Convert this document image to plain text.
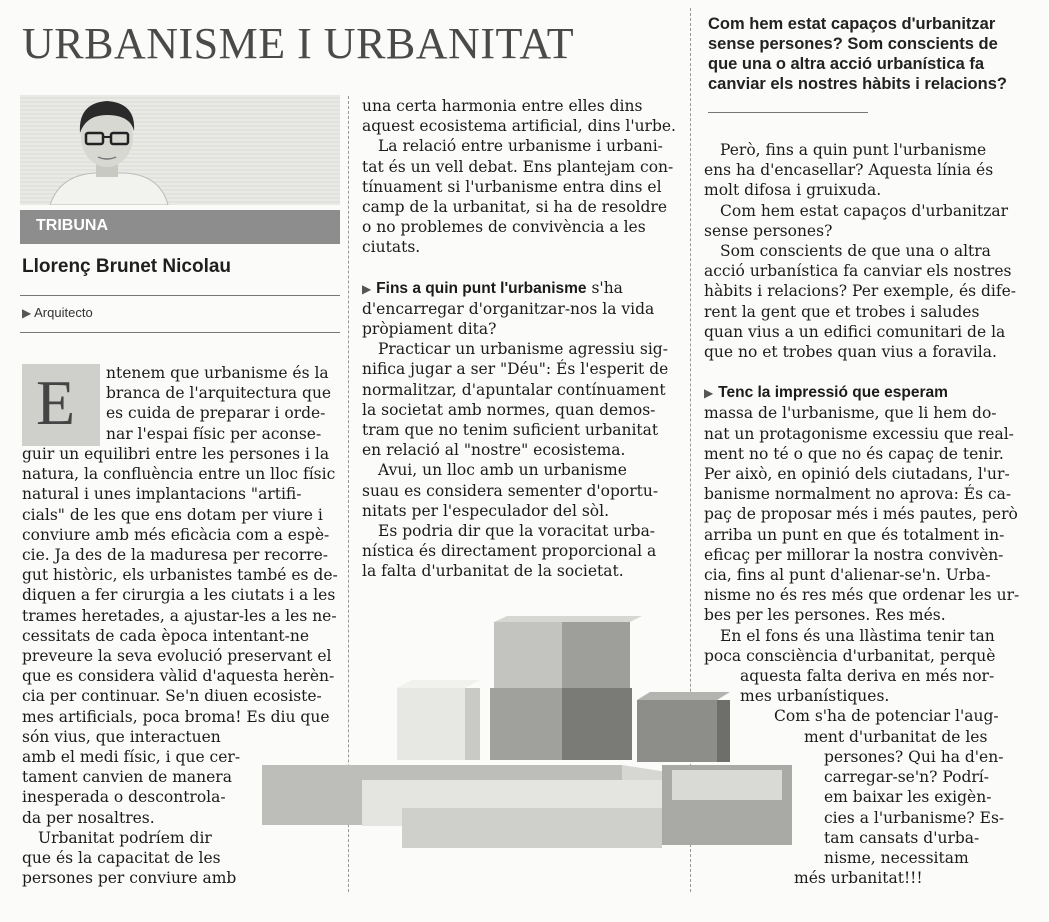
URBANISME I URBANITAT
TRIBUNA
Llorenç Brunet Nicolau
▶ Arquitecto
E ntenem que urbanisme és la
branca de l'arquitectura que
es cuida de preparar i orde-
nar l'espai físic per aconse-
guir un equilibri entre les persones i la
natura, la confluència entre un lloc físic
natural i unes implantacions "artifi-
cials" de les que ens dotam per viure i
conviure amb més eficàcia com a espè-
cie. Ja des de la maduresa per recorre-
gut històric, els urbanistes també es de-
diquen a fer cirurgia a les ciutats i a les
trames heretades, a ajustar-les a les ne-
cessitats de cada època intentant-ne
preveure la seva evolució preservant el
que es considera vàlid d'aquesta herèn-
cia per continuar. Se'n diuen ecosiste-
mes artificials, poca broma! Es diu que
són vius, que interactuen
amb el medi físic, i que cer-
tament canvien de manera
inesperada o descontrola-
da per nosaltres.
Urbanitat podríem dir
que és la capacitat de les
persones per conviure amb
una certa harmonia entre elles dins
aquest ecosistema artificial, dins l'urbe.
La relació entre urbanisme i urbani-
tat és un vell debat. Ens plantejam con-
tínuament si l'urbanisme entra dins el
camp de la urbanitat, si ha de resoldre
o no problemes de convivència a les
ciutats.
▶ Fins a quin punt l'urbanisme s'ha
d'encarregar d'organitzar-nos la vida
pròpiament dita?
Practicar un urbanisme agressiu sig-
nifica jugar a ser "Déu": És l'esperit de
normalitzar, d'apuntalar contínuament
la societat amb normes, quan demos-
tram que no tenim suficient urbanitat
en relació al "nostre" ecosistema.
Avui, un lloc amb un urbanisme
suau es considera sementer d'oportu-
nitats per l'especulador del sòl.
Es podria dir que la voracitat urba-
nística és directament proporcional a
la falta d'urbanitat de la societat.
Com hem estat capaços d'urbanitzar
sense persones? Som conscients de
que una o altra acció urbanística fa
canviar els nostres hàbits i relacions?
Però, fins a quin punt l'urbanisme
ens ha d'encasellar? Aquesta línia és
molt difosa i gruixuda.
Com hem estat capaços d'urbanitzar
sense persones?
Som conscients de que una o altra
acció urbanística fa canviar els nostres
hàbits i relacions? Per exemple, és dife-
rent la gent que et trobes i saludes
quan vius a un edifici comunitari de la
que no et trobes quan vius a foravila.
▶ Tenc la impressió que esperam
massa de l'urbanisme, que li hem do-
nat un protagonisme excessiu que real-
ment no té o que no és capaç de tenir.
Per això, en opinió dels ciutadans, l'ur-
banisme normalment no aprova: És ca-
paç de proposar més i més pautes, però
arriba un punt en que és totalment in-
eficaç per millorar la nostra convivèn-
cia, fins al punt d'alienar-se'n. Urba-
nisme no és res més que ordenar les ur-
bes per les persones. Res més.
En el fons és una llàstima tenir tan
poca consciència d'urbanitat, perquè
aquesta falta deriva en més nor-
mes urbanístiques.
Com s'ha de potenciar l'aug-
ment d'urbanitat de les
persones? Qui ha d'en-
carregar-se'n? Podrí-
em baixar les exigèn-
cies a l'urbanisme? Es-
tam cansats d'urba-
nisme, necessitam
més urbanitat!!!
